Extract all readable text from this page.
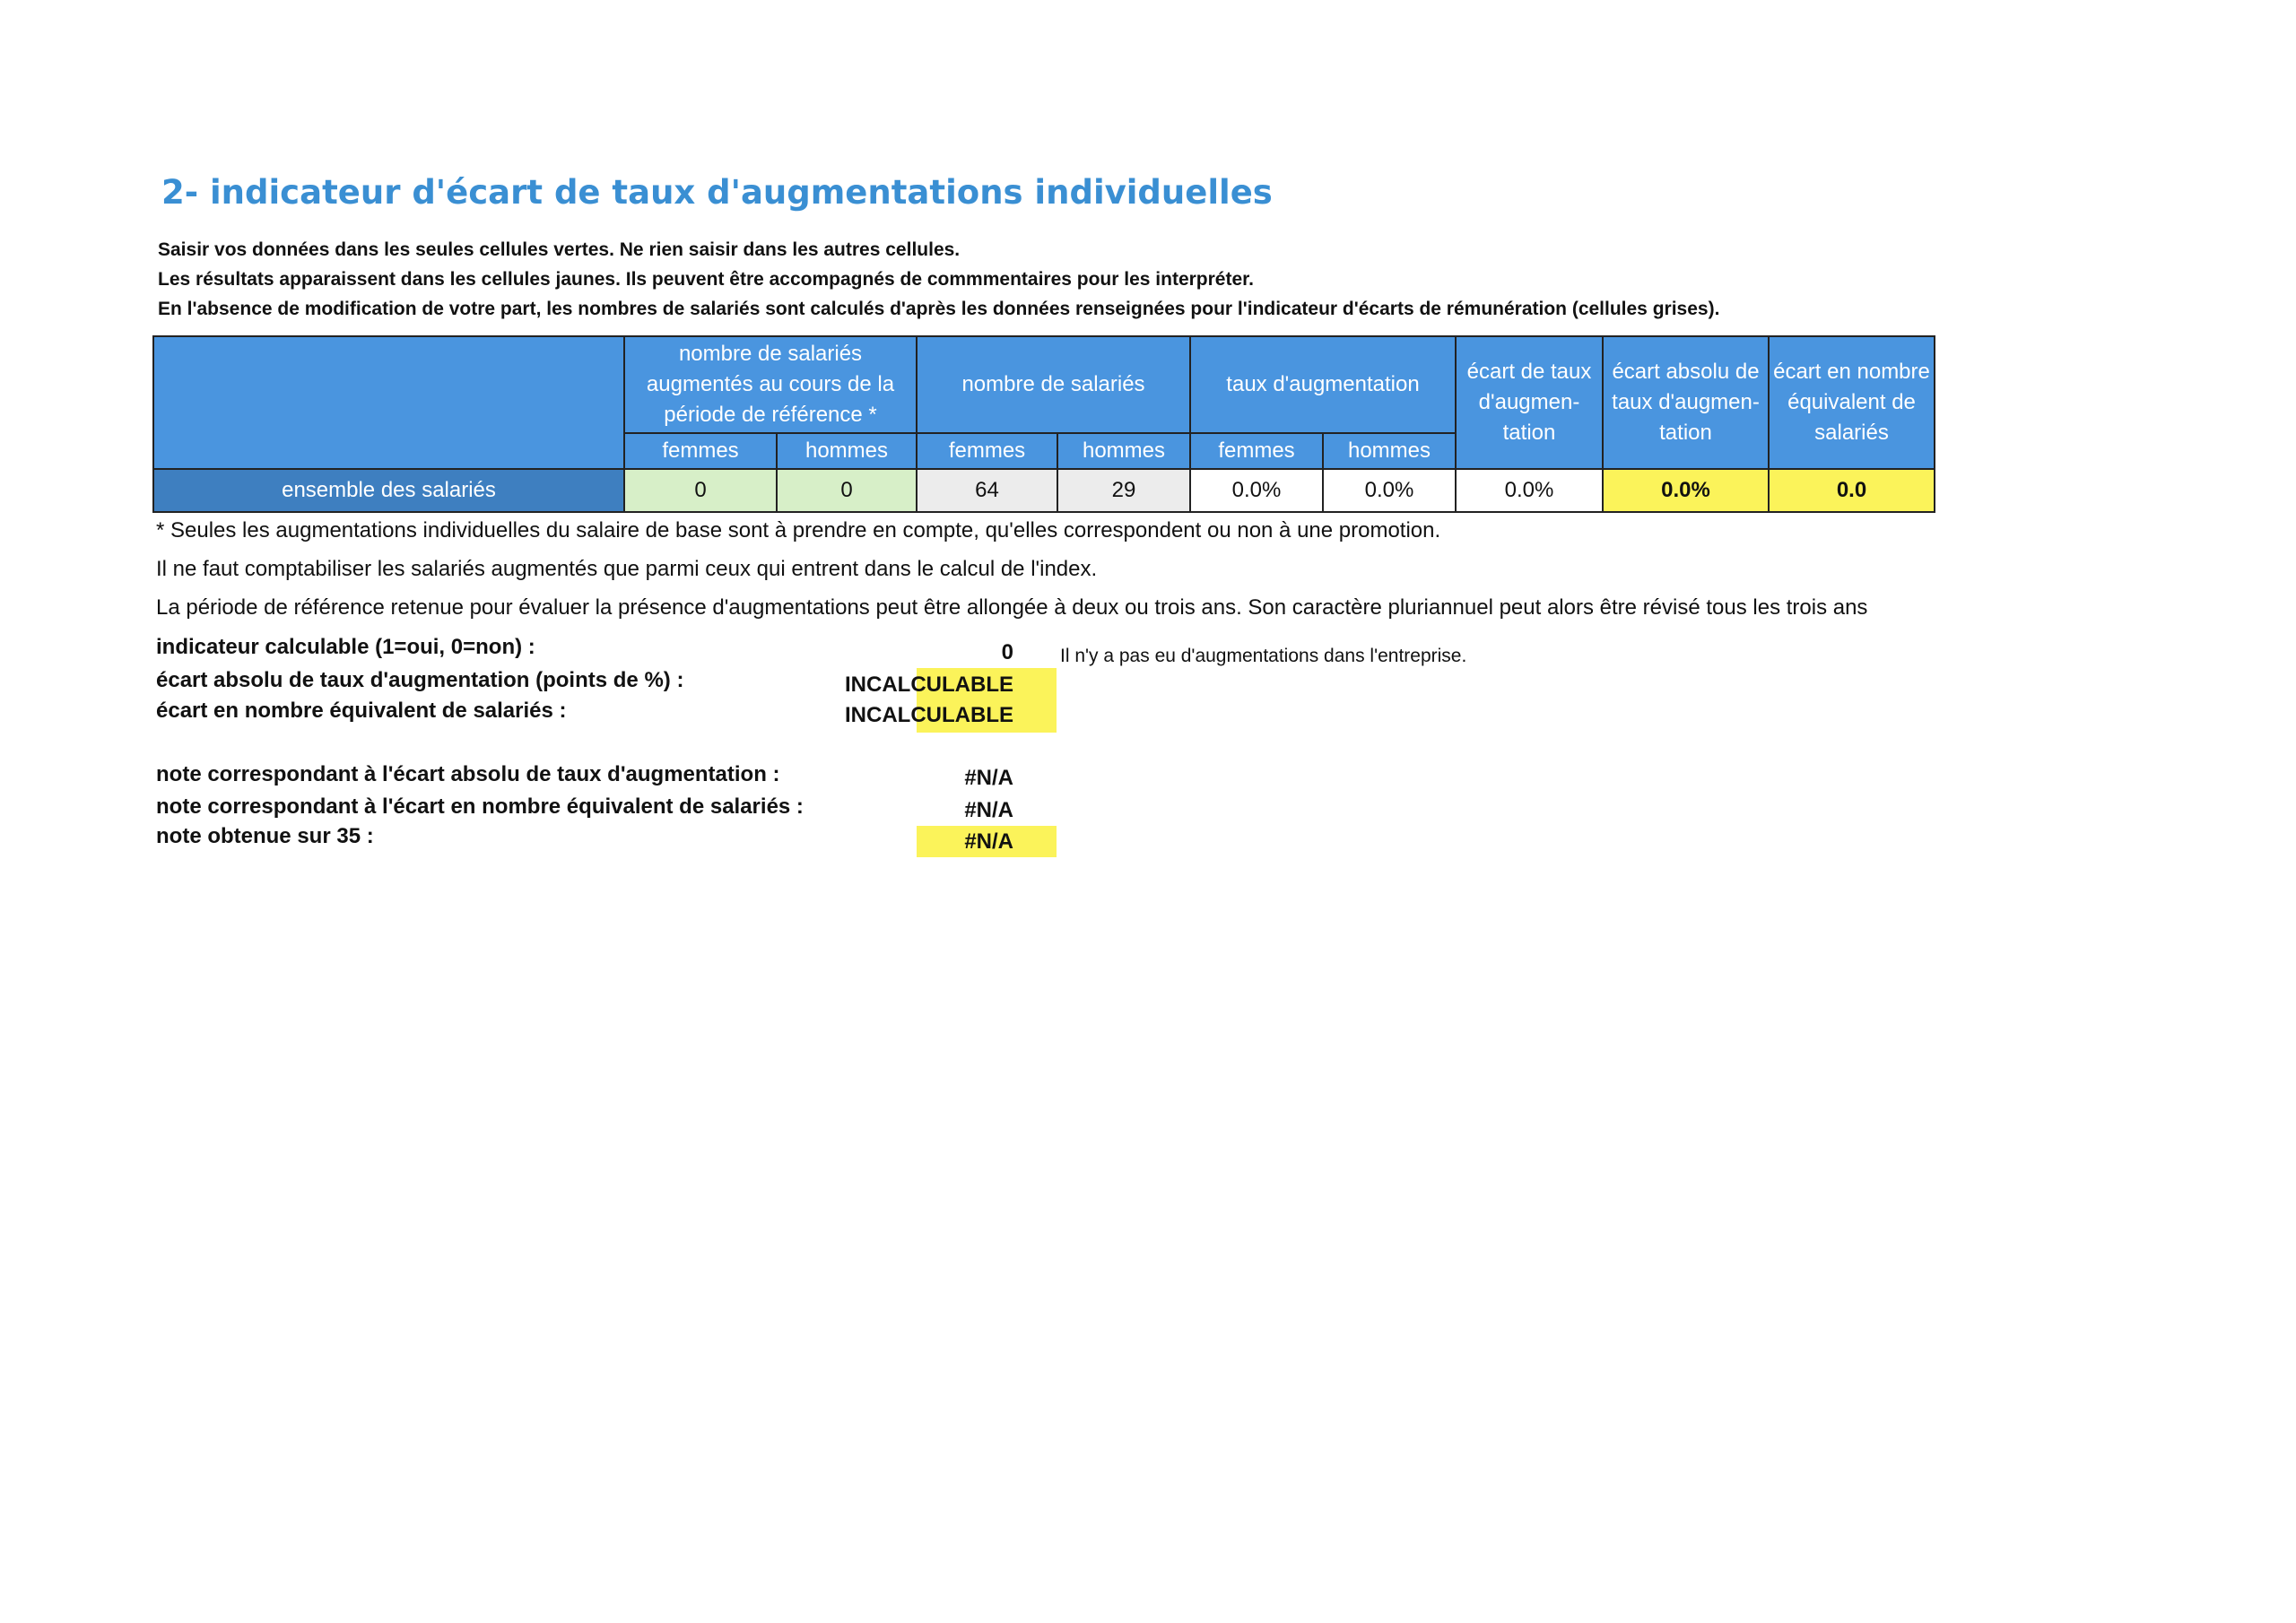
2- indicateur d'écart de taux d'augmentations individuelles
Saisir vos données dans les seules cellules vertes. Ne rien saisir dans les autres cellules.
Les résultats apparaissent dans les cellules jaunes. Ils peuvent être accompagnés de commmentaires pour les interpréter.
En l'absence de modification de votre part, les nombres de salariés sont calculés d'après les données renseignées pour l'indicateur d'écarts de rémunération (cellules grises).
	nombre de salariés augmentés au cours de la période de référence *		nombre de salariés		taux d'augmentation		écart de taux d'augmen-tation	écart absolu de taux d'augmen-tation	écart en nombre équivalent de salariés
	femmes	hommes	femmes	hommes	femmes	hommes			
ensemble des salariés	0	0	64	29	0.0%	0.0%	0.0%	0.0%	0.0
* Seules les augmentations individuelles du salaire de base sont à prendre en compte, qu'elles correspondent ou non à une promotion.
Il ne faut comptabiliser les salariés augmentés que parmi ceux qui entrent dans le calcul de l'index.
La période de référence retenue pour évaluer la présence d'augmentations peut être allongée à deux ou trois ans. Son caractère pluriannuel peut alors être révisé tous les trois ans
indicateur calculable (1=oui, 0=non) :	0 Il n'y a pas eu d'augmentations dans l'entreprise.
écart absolu de taux d'augmentation (points de %) :	INCALCULABLE
écart en nombre équivalent de salariés :	INCALCULABLE
note correspondant à l'écart absolu de taux d'augmentation :	#N/A
note correspondant à l'écart en nombre équivalent de salariés :	#N/A
note obtenue sur 35 :	#N/A
